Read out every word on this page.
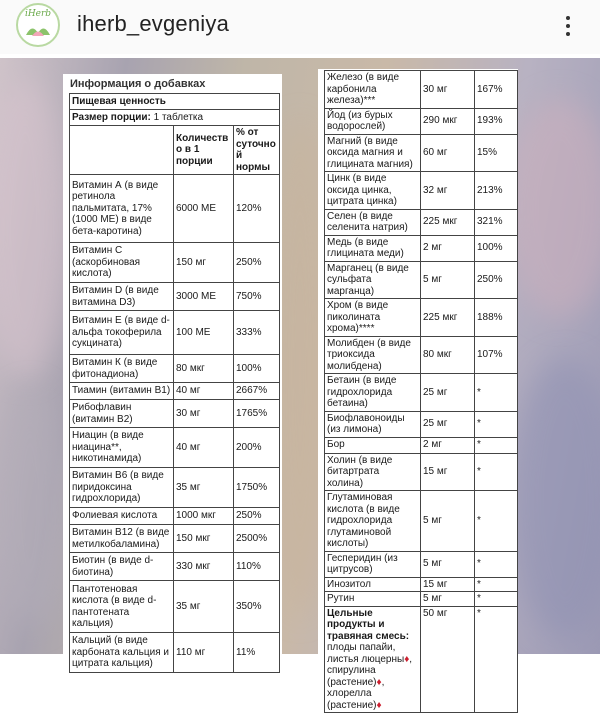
iHerb	iherb_evgeniya
Информация о добавках
Пищевая ценность		
Размер порции: 1 таблетка		
	Количество в 1 порции	% от суточной нормы
Витамин А (в виде ретинола пальмитата, 17% (1000 МЕ) в виде бета-каротина)	6000 МЕ	120%
Витамин С (аскорбиновая кислота)	150 мг	250%
Витамин D (в виде витамина D3)	3000 МЕ	750%
Витамин Е (в виде d-альфа токоферила сукцината)	100 МЕ	333%
Витамин К (в виде фитонадиона)	80 мкг	100%
Тиамин (витамин B1)	40 мг	2667%
Рибофлавин (витамин B2)	30 мг	1765%
Ниацин (в виде ниацина**, никотинамида)	40 мг	200%
Витамин В6 (в виде пиридоксина гидрохлорида)	35 мг	1750%
Фолиевая кислота	1000 мкг	250%
Витамин В12 (в виде метилкобаламина)	150 мкг	2500%
Биотин (в виде d-биотина)	330 мкг	110%
Пантотеновая кислота (в виде d-пантотената кальция)	35 мг	350%
Кальций (в виде карбоната кальция и цитрата кальция)	110 мг	11%
Железо (в виде карбонила железа)***	30 мг	167%
Йод (из бурых водорослей)	290 мкг	193%
Магний (в виде оксида магния и глицината магния)	60 мг	15%
Цинк (в виде оксида цинка, цитрата цинка)	32 мг	213%
Селен (в виде селенита натрия)	225 мкг	321%
Медь (в виде глицината меди)	2 мг	100%
Марганец (в виде сульфата марганца)	5 мг	250%
Хром (в виде пиколината хрома)****	225 мкг	188%
Молибден (в виде триоксида молибдена)	80 мкг	107%
Бетаин (в виде гидрохлорида бетаина)	25 мг	*
Биофлавоноиды (из лимона)	25 мг	*
Бор	2 мг	*
Холин (в виде битартрата холина)	15 мг	*
Глутаминовая кислота (в виде гидрохлорида глутаминовой кислоты)	5 мг	*
Гесперидин (из цитрусов)	5 мг	*
Инозитол	15 мг	*
Рутин	5 мг	*
Цельные продукты и травяная смесь:
плоды папайи, листья люцерны♦, спирулина (растение)♦, хлорелла (растение)♦	50 мг	*
